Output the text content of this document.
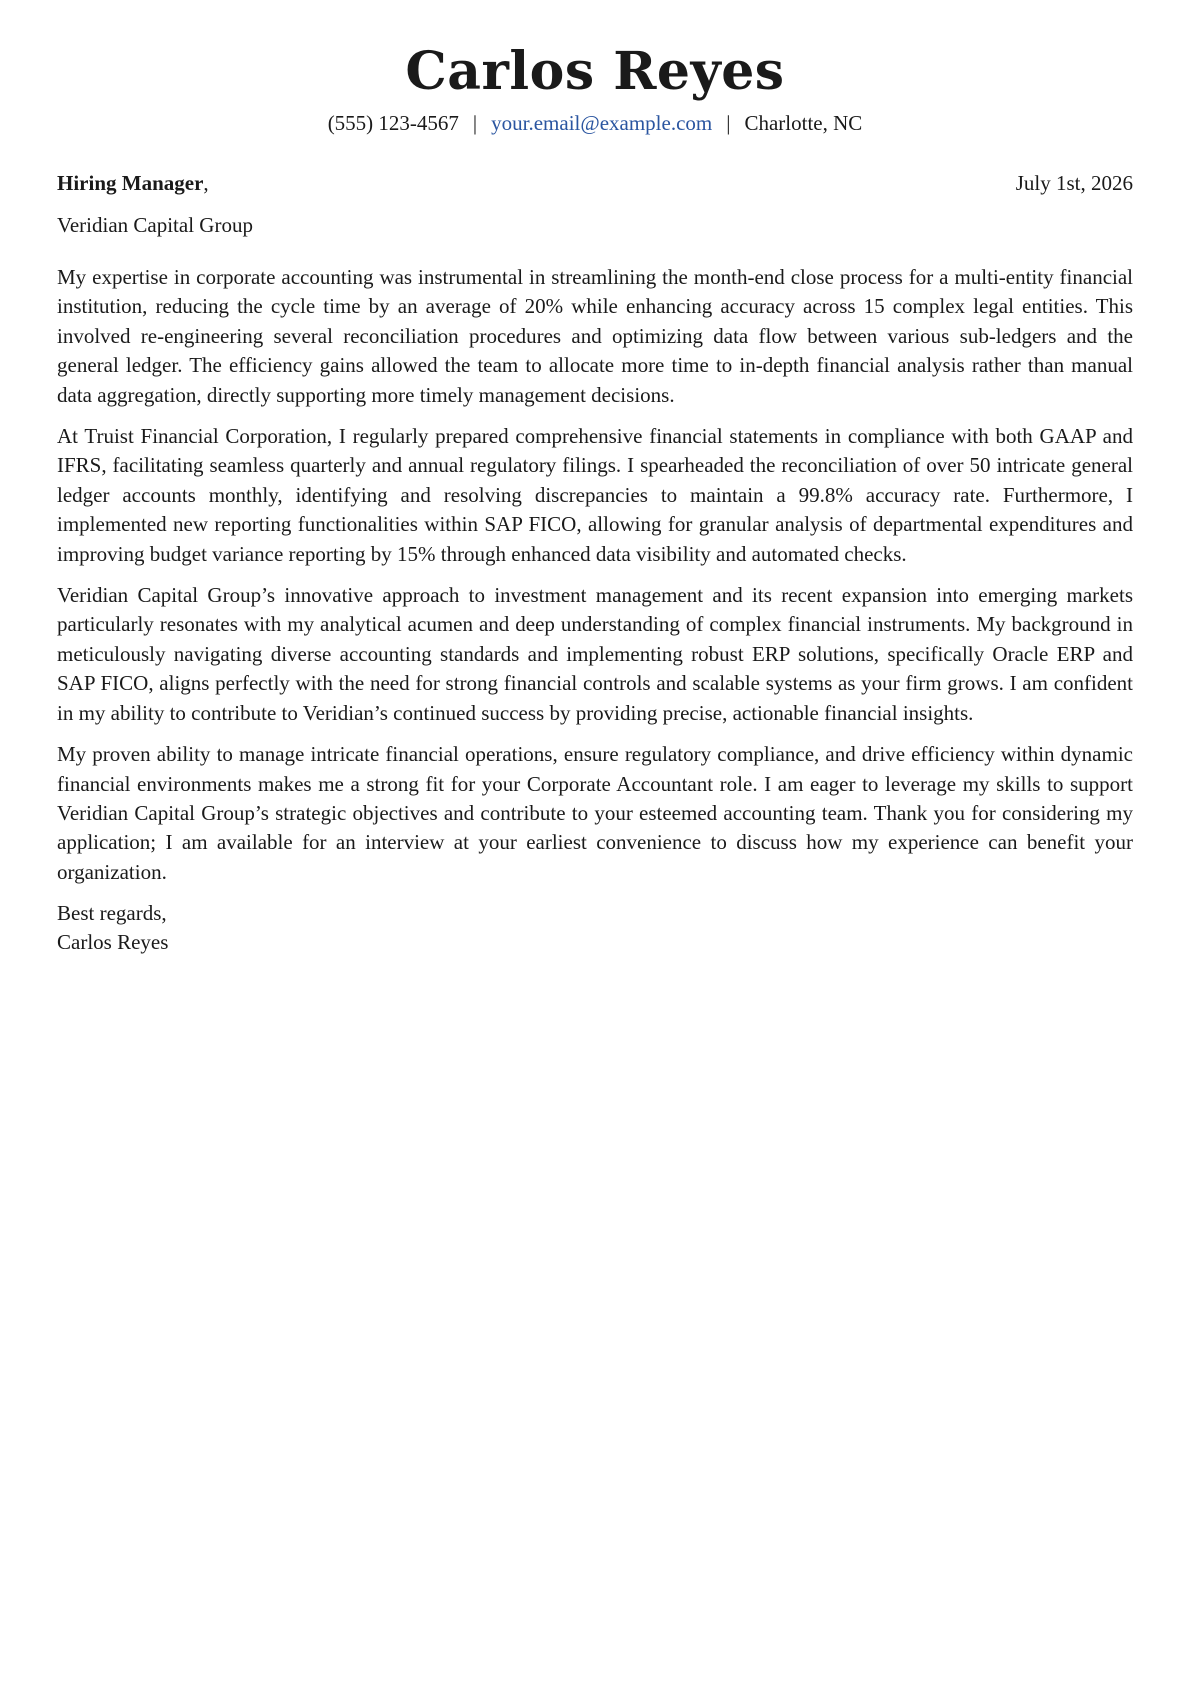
Carlos Reyes
(555) 123-4567 | your.email@example.com | Charlotte, NC
Hiring Manager,	July 1st, 2026
Veridian Capital Group

My expertise in corporate accounting was instrumental in streamlining the month-end close process for a multi-entity financial institution, reducing the cycle time by an average of 20% while enhancing accuracy across 15 complex legal entities. This involved re-engineering several reconciliation procedures and optimizing data flow between various sub-ledgers and the general ledger. The efficiency gains allowed the team to allocate more time to in-depth financial analysis rather than manual data aggregation, directly supporting more timely management decisions.

At Truist Financial Corporation, I regularly prepared comprehensive financial statements in compliance with both GAAP and IFRS, facilitating seamless quarterly and annual regulatory filings. I spearheaded the reconciliation of over 50 intricate general ledger accounts monthly, identifying and resolving discrepancies to maintain a 99.8% accuracy rate. Furthermore, I implemented new reporting functionalities within SAP FICO, allowing for granular analysis of departmental expenditures and improving budget variance reporting by 15% through enhanced data visibility and automated checks.

Veridian Capital Group’s innovative approach to investment management and its recent expansion into emerging markets particularly resonates with my analytical acumen and deep understanding of complex financial instruments. My background in meticulously navigating diverse accounting standards and implementing robust ERP solutions, specifically Oracle ERP and SAP FICO, aligns perfectly with the need for strong financial controls and scalable systems as your firm grows. I am confident in my ability to contribute to Veridian’s continued success by providing precise, actionable financial insights.

My proven ability to manage intricate financial operations, ensure regulatory compliance, and drive efficiency within dynamic financial environments makes me a strong fit for your Corporate Accountant role. I am eager to leverage my skills to support Veridian Capital Group’s strategic objectives and contribute to your esteemed accounting team. Thank you for considering my application; I am available for an interview at your earliest convenience to discuss how my experience can benefit your organization.

Best regards,
Carlos Reyes
